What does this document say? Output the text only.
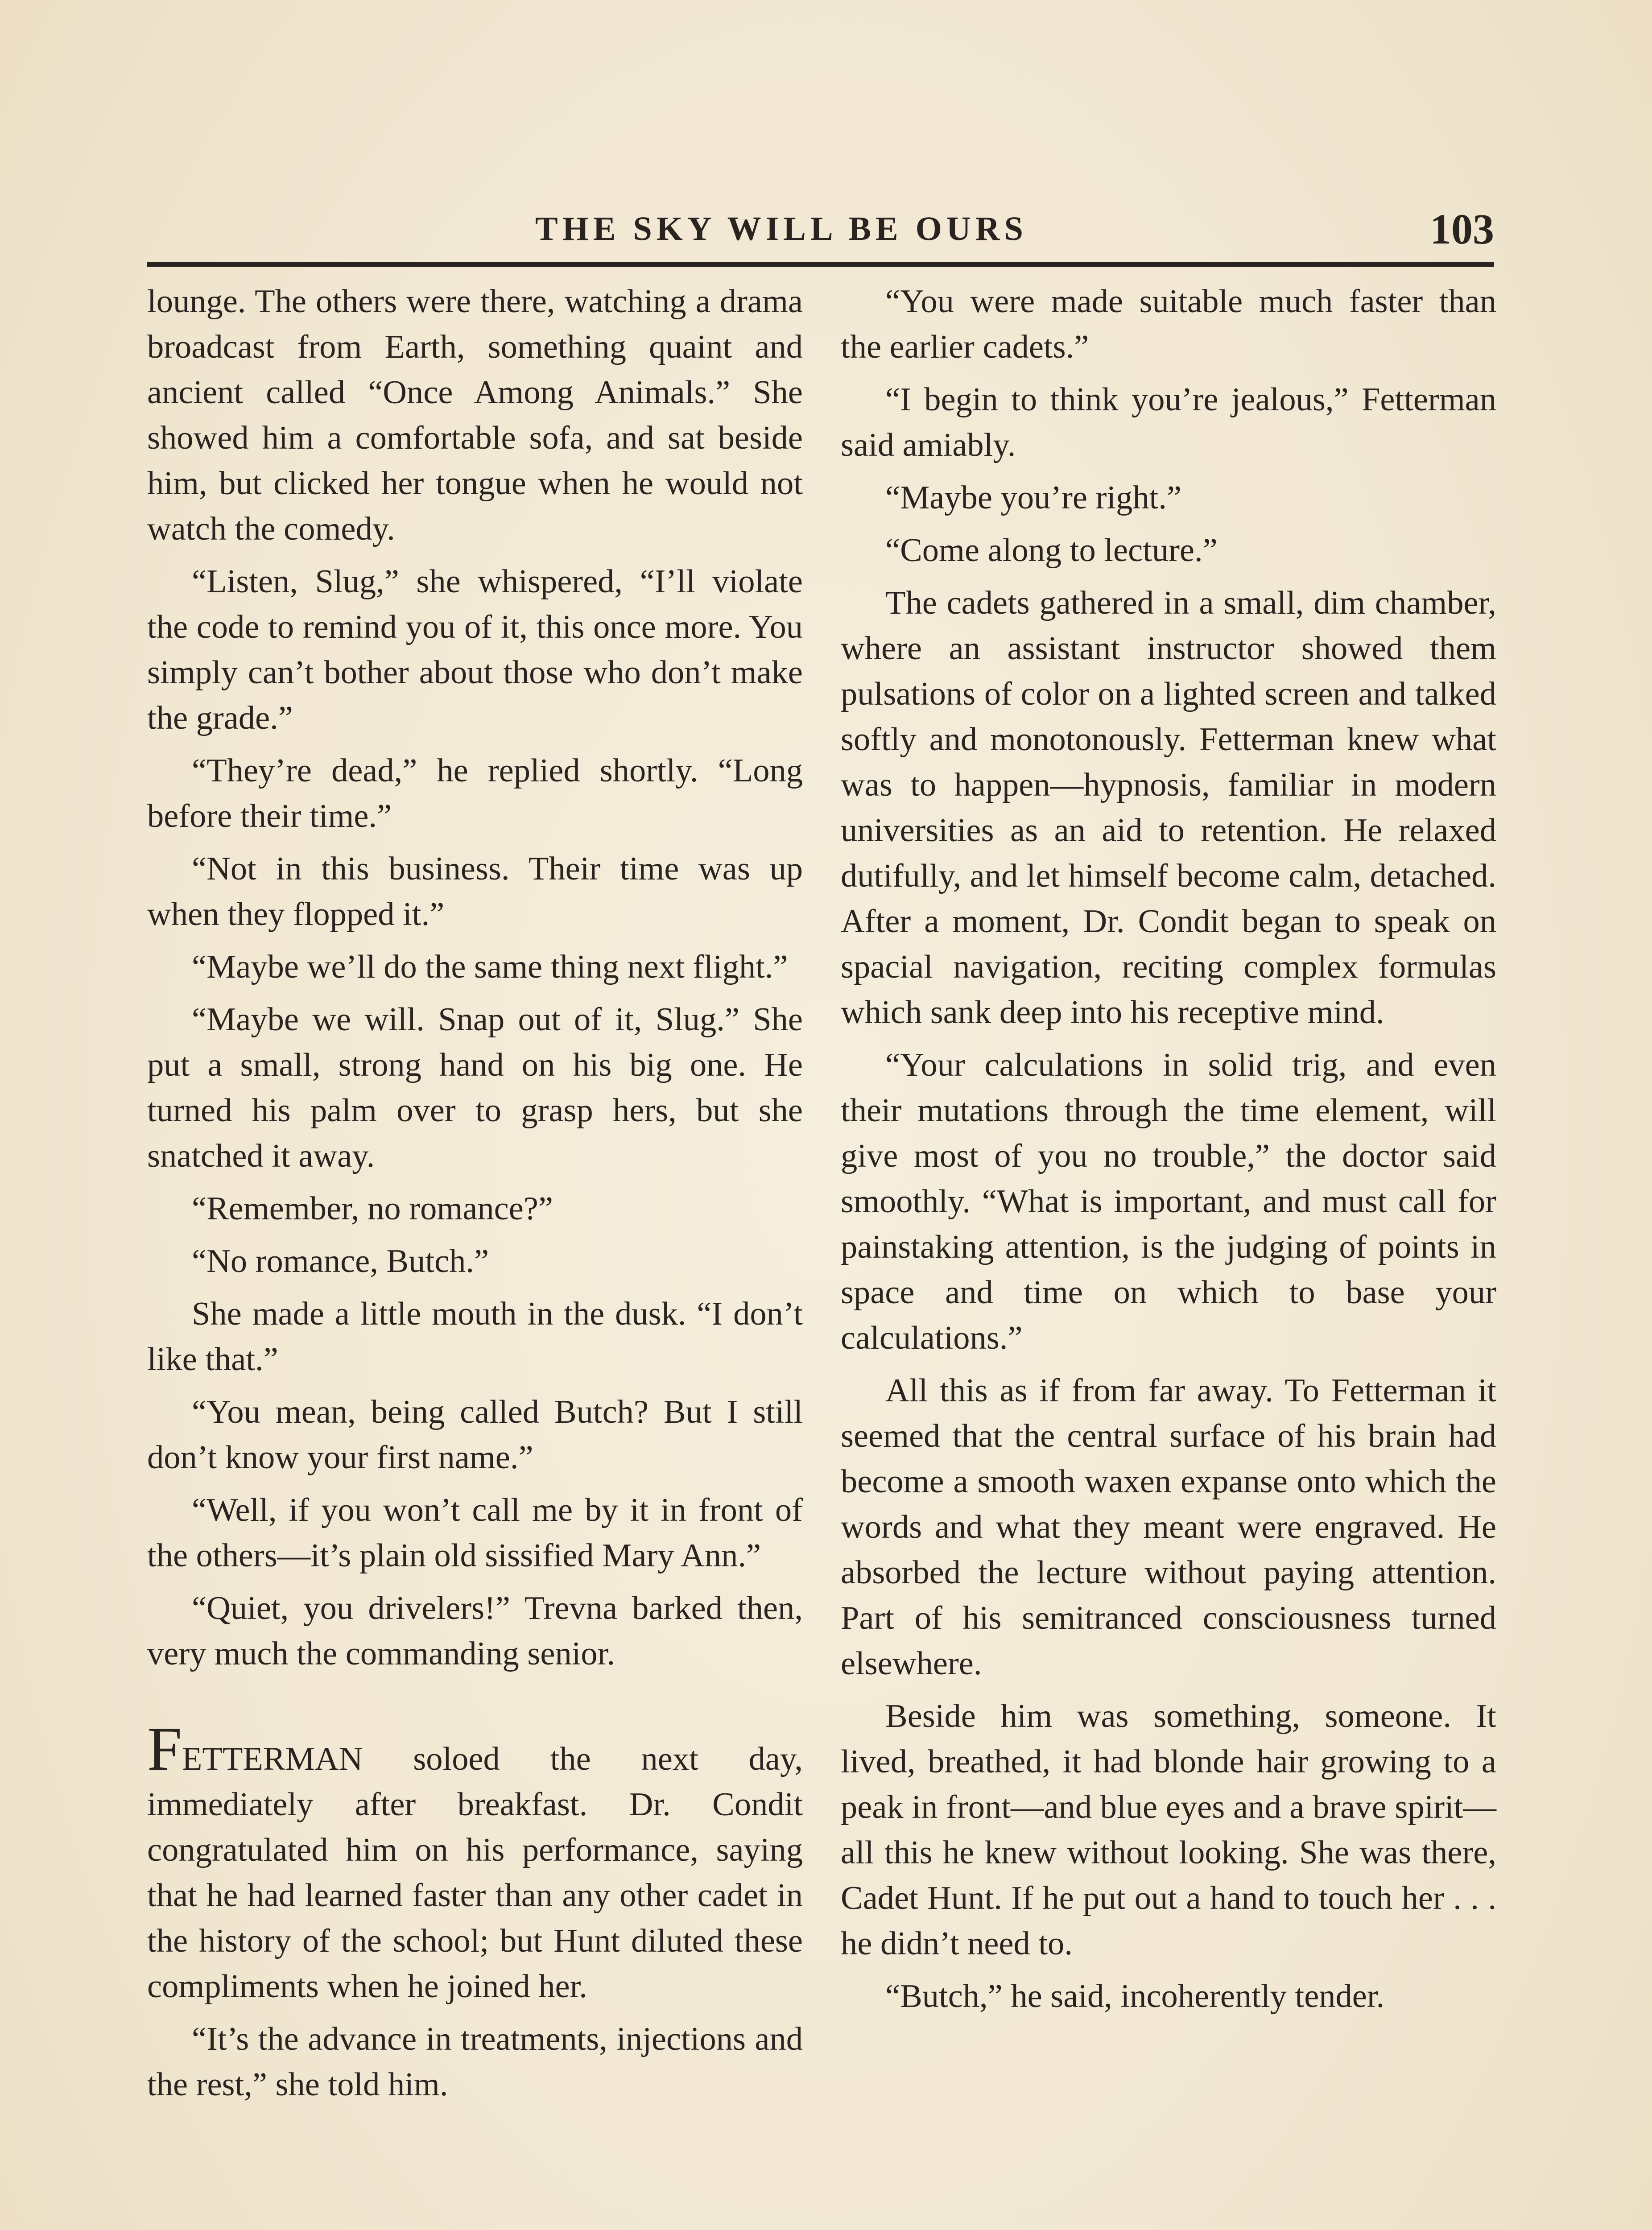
THE SKY WILL BE OURS	103

lounge. The others were there, watching a drama broadcast from Earth, something quaint and ancient called “Once Among Animals.” She showed him a comfortable sofa, and sat beside him, but clicked her tongue when he would not watch the comedy.

“Listen, Slug,” she whispered, “I’ll violate the code to remind you of it, this once more. You simply can’t bother about those who don’t make the grade.”

“They’re dead,” he replied shortly. “Long before their time.”

“Not in this business. Their time was up when they flopped it.”

“Maybe we’ll do the same thing next flight.”

“Maybe we will. Snap out of it, Slug.” She put a small, strong hand on his big one. He turned his palm over to grasp hers, but she snatched it away.

“Remember, no romance?”

“No romance, Butch.”

She made a little mouth in the dusk. “I don’t like that.”

“You mean, being called Butch? But I still don’t know your first name.”

“Well, if you won’t call me by it in front of the others—it’s plain old sissified Mary Ann.”

“Quiet, you drivelers!” Trevna barked then, very much the commanding senior.

FETTERMAN soloed the next day, immediately after breakfast. Dr. Condit congratulated him on his performance, saying that he had learned faster than any other cadet in the history of the school; but Hunt diluted these compliments when he joined her.

“It’s the advance in treatments, injections and the rest,” she told him.

“You were made suitable much faster than the earlier cadets.”

“I begin to think you’re jealous,” Fetterman said amiably.

“Maybe you’re right.”

“Come along to lecture.”

The cadets gathered in a small, dim chamber, where an assistant instructor showed them pulsations of color on a lighted screen and talked softly and monotonously. Fetterman knew what was to happen—hypnosis, familiar in modern universities as an aid to retention. He relaxed dutifully, and let himself become calm, detached. After a moment, Dr. Condit began to speak on spacial navigation, reciting complex formulas which sank deep into his receptive mind.

“Your calculations in solid trig, and even their mutations through the time element, will give most of you no trouble,” the doctor said smoothly. “What is important, and must call for painstaking attention, is the judging of points in space and time on which to base your calculations.”

All this as if from far away. To Fetterman it seemed that the central surface of his brain had become a smooth waxen expanse onto which the words and what they meant were engraved. He absorbed the lecture without paying attention. Part of his semitranced consciousness turned elsewhere.

Beside him was something, someone. It lived, breathed, it had blonde hair growing to a peak in front—and blue eyes and a brave spirit—all this he knew without looking. She was there, Cadet Hunt. If he put out a hand to touch her . . . he didn’t need to.

“Butch,” he said, incoherently tender.
